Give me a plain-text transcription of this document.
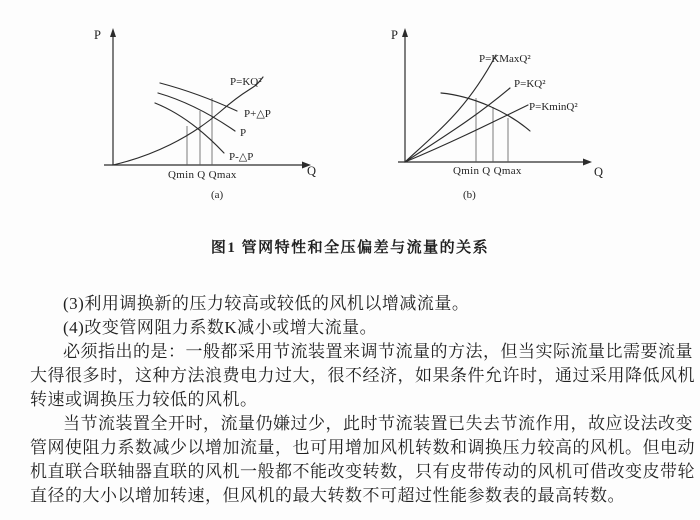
P
Q
P=KQ²
P+△P
P
P-△P
Qmin Q Qmax
(a)
P
Q
P=KMaxQ²
P=KQ²
P=KminQ²
Qmin Q Qmax
(b)
图1 管网特性和全压偏差与流量的关系
(3)利用调换新的压力较高或较低的风机以增减流量。
(4)改变管网阻力系数K减小或增大流量。
必须指出的是：一般都采用节流装置来调节流量的方法，但当实际流量比需要流量
大得很多时，这种方法浪费电力过大，很不经济，如果条件允许时，通过采用降低风机
转速或调换压力较低的风机。
当节流装置全开时，流量仍嫌过少，此时节流装置已失去节流作用，故应设法改变
管网使阻力系数减少以增加流量，也可用增加风机转数和调换压力较高的风机。但电动
机直联合联轴器直联的风机一般都不能改变转数，只有皮带传动的风机可借改变皮带轮
直径的大小以增加转速，但风机的最大转数不可超过性能参数表的最高转数。
